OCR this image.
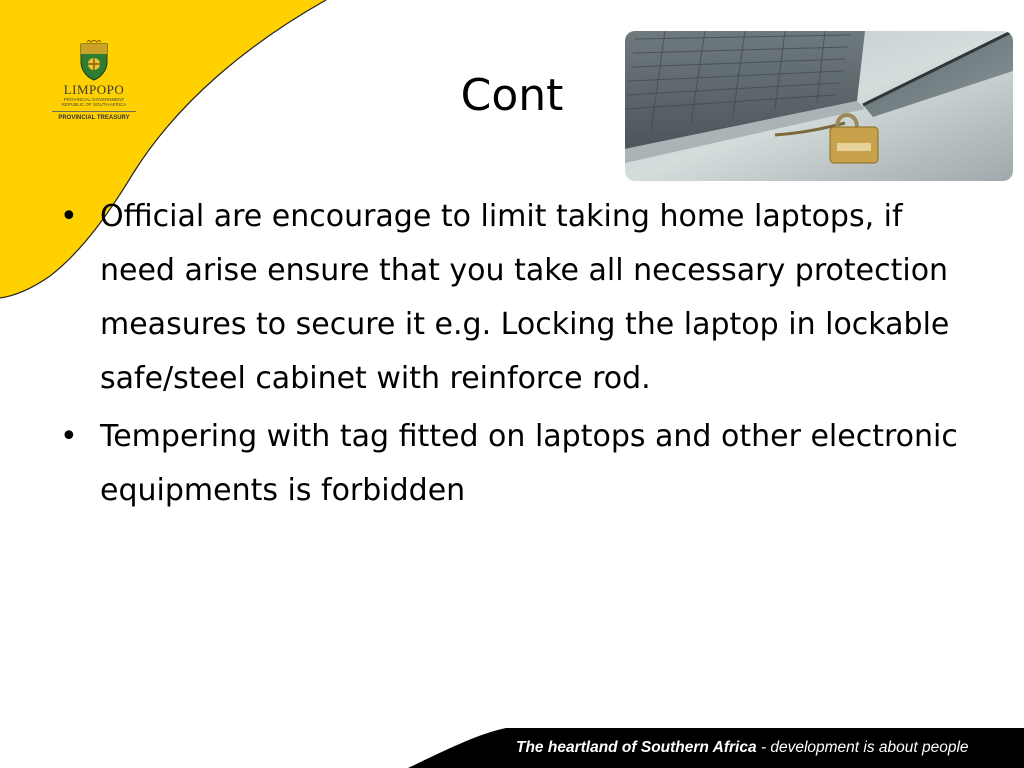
LIMPOPO
PROVINCIAL GOVERNMENT
REPUBLIC OF SOUTH AFRICA
PROVINCIAL TREASURY	Cont
• Official are encourage to limit taking home laptops, if need arise ensure that you take all necessary protection measures to secure it e.g. Locking the laptop in lockable safe/steel cabinet with reinforce rod.
• Tempering with tag fitted on laptops and other electronic equipments is forbidden
The heartland of Southern Africa - development is about people
